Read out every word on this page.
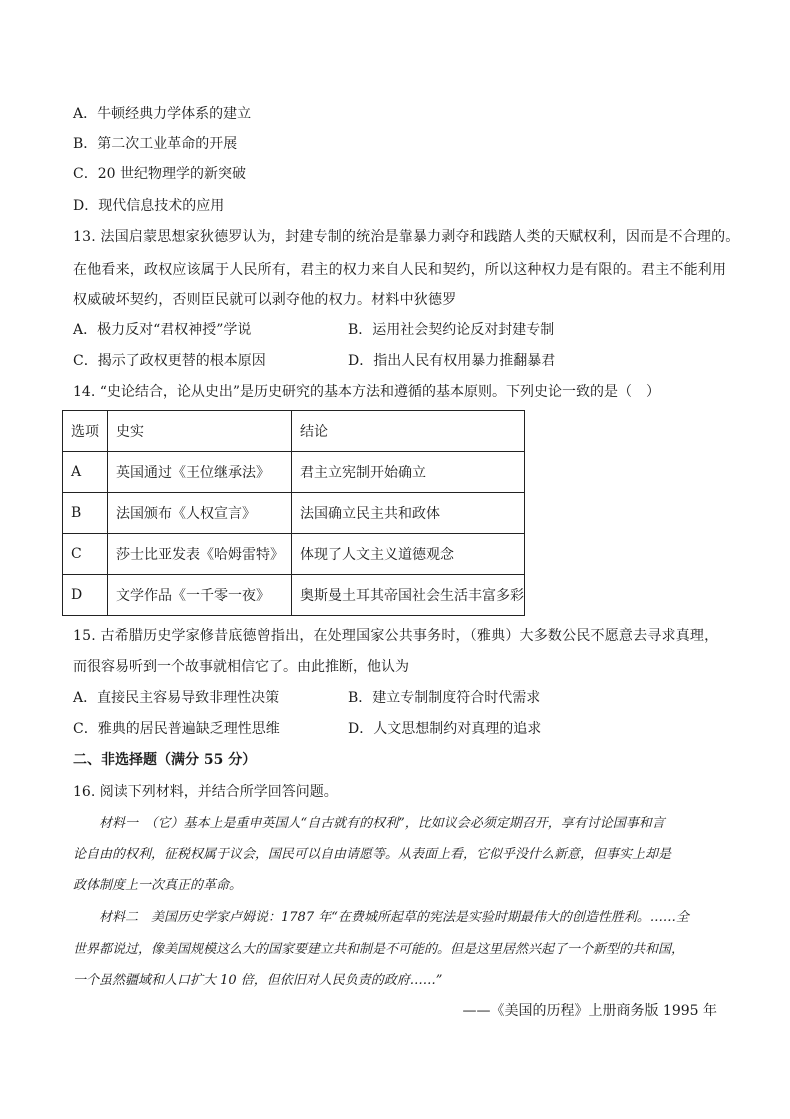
A．牛顿经典力学体系的建立
B．第二次工业革命的开展
C．20 世纪物理学的新突破
D．现代信息技术的应用
13. 法国启蒙思想家狄德罗认为，封建专制的统治是靠暴力剥夺和践踏人类的天赋权利，因而是不合理的。
在他看来，政权应该属于人民所有，君主的权力来自人民和契约，所以这种权力是有限的。君主不能利用
权威破坏契约，否则臣民就可以剥夺他的权力。材料中狄德罗
A．极力反对“君权神授”学说	B．运用社会契约论反对封建专制
C．揭示了政权更替的根本原因	D．指出人民有权用暴力推翻暴君
14. “史论结合，论从史出”是历史研究的基本方法和遵循的基本原则。下列史论一致的是（　）
选项	史实	结论
A	英国通过《王位继承法》	君主立宪制开始确立
B	法国颁布《人权宣言》	法国确立民主共和政体
C	莎士比亚发表《哈姆雷特》	体现了人文主义道德观念
D	文学作品《一千零一夜》	奥斯曼土耳其帝国社会生活丰富多彩
15. 古希腊历史学家修昔底德曾指出，在处理国家公共事务时，（雅典）大多数公民不愿意去寻求真理，
而很容易听到一个故事就相信它了。由此推断，他认为
A．直接民主容易导致非理性决策	B．建立专制制度符合时代需求
C．雅典的居民普遍缺乏理性思维	D．人文思想制约对真理的追求
二、非选择题（满分 55 分）
16. 阅读下列材料，并结合所学回答问题。
　　材料一　（它）基本上是重申英国人“自古就有的权利”，比如议会必须定期召开，享有讨论国事和言
论自由的权利，征税权属于议会，国民可以自由请愿等。从表面上看，它似乎没什么新意，但事实上却是
政体制度上一次真正的革命。
　　材料二　美国历史学家卢姆说：1787 年“在费城所起草的宪法是实验时期最伟大的创造性胜利。……全
世界都说过，像美国规模这么大的国家要建立共和制是不可能的。但是这里居然兴起了一个新型的共和国，
一个虽然疆域和人口扩大 10 倍，但依旧对人民负责的政府……”
——《美国的历程》上册商务版 1995 年
